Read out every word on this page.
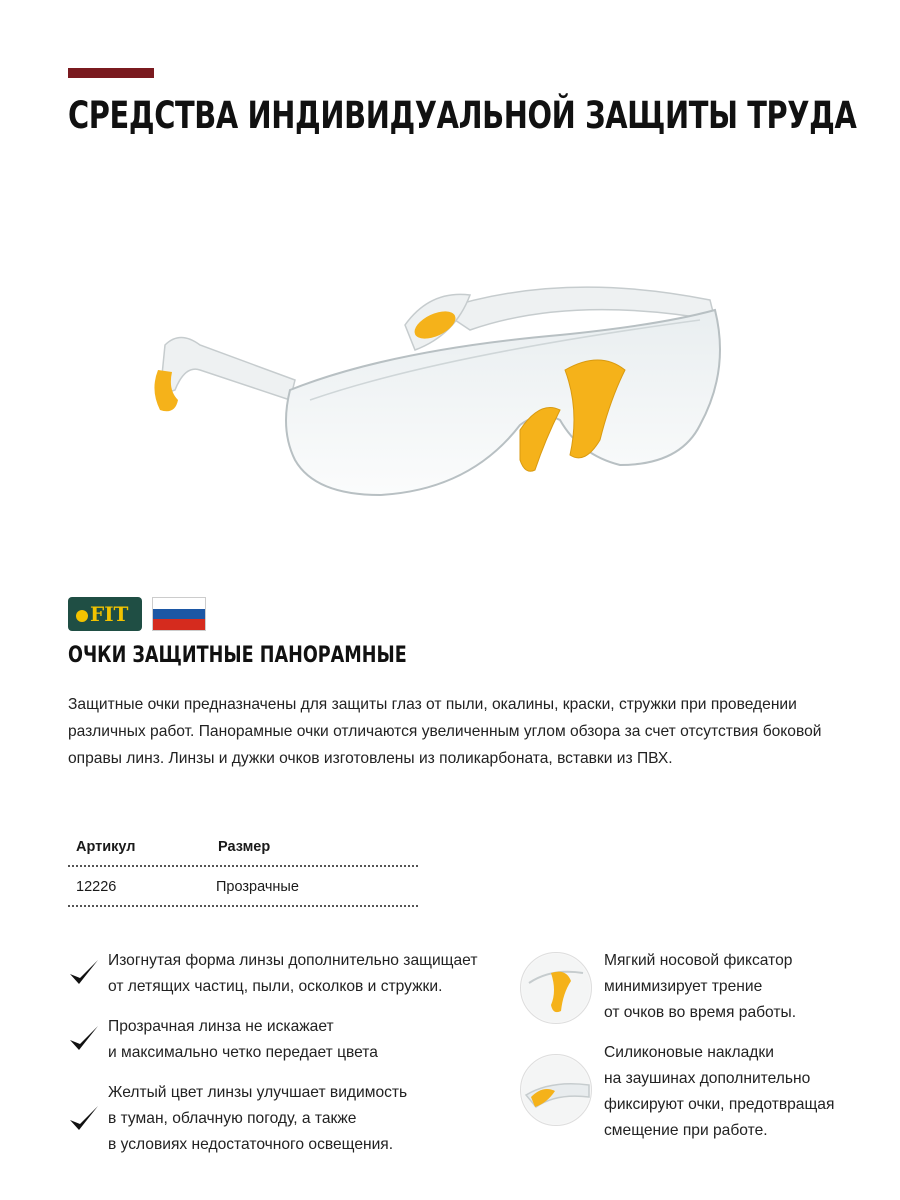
СРЕДСТВА ИНДИВИДУАЛЬНОЙ ЗАЩИТЫ ТРУДА
FIT
ОЧКИ ЗАЩИТНЫЕ ПАНОРАМНЫЕ

Защитные очки предназначены для защиты глаз от пыли, окалины, краски, стружки при проведении различных работ. Панорамные очки отличаются увеличенным углом обзора за счет отсутствия боковой оправы линз. Линзы и дужки очков изготовлены из поликарбоната, вставки из ПВХ.

Артикул	Размер
12226	Прозрачные
Изогнутая форма линзы дополнительно защищает
от летящих частиц, пыли, осколков и стружки.
Прозрачная линза не искажает
и максимально четко передает цвета
Желтый цвет линзы улучшает видимость
в туман, облачную погоду, а также
в условиях недостаточного освещения.
Мягкий носовой фиксатор
минимизирует трение
от очков во время работы.
Силиконовые накладки
на заушинах дополнительно
фиксируют очки, предотвращая
смещение при работе.
